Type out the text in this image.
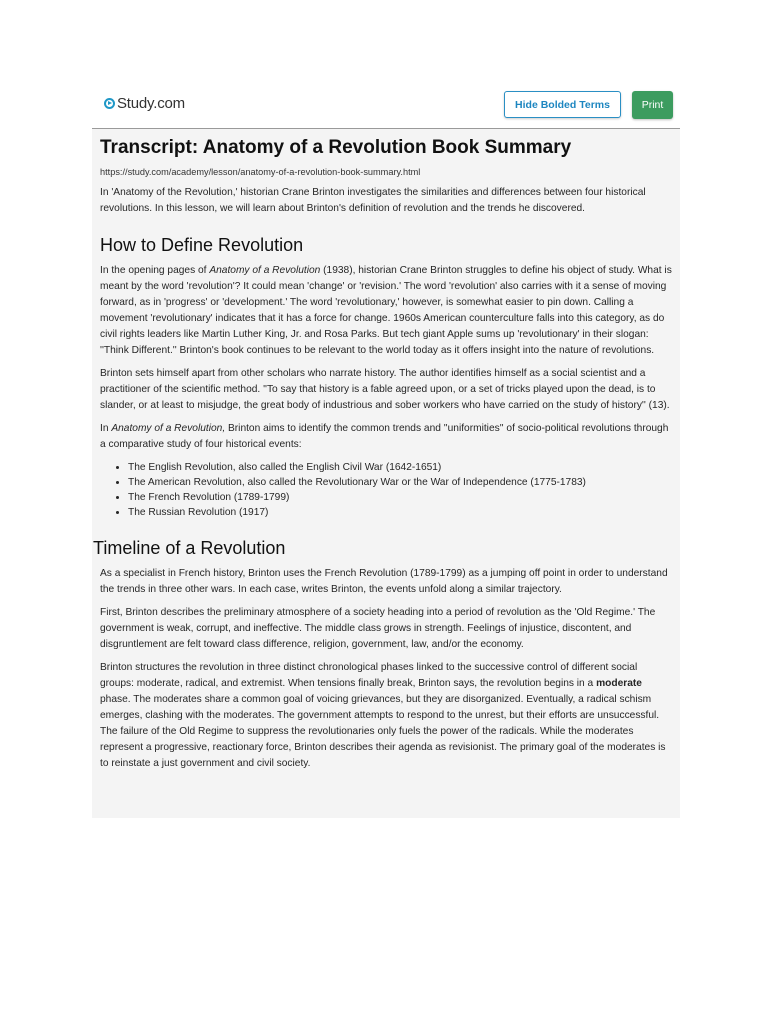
Study.com	Hide Bolded Terms	Print
Transcript: Anatomy of a Revolution Book Summary
https://study.com/academy/lesson/anatomy-of-a-revolution-book-summary.html

In 'Anatomy of the Revolution,' historian Crane Brinton investigates the similarities and differences between four historical revolutions. In this lesson, we will learn about Brinton's definition of revolution and the trends he discovered.

How to Define Revolution

In the opening pages of Anatomy of a Revolution (1938), historian Crane Brinton struggles to define his object of study. What is meant by the word 'revolution'? It could mean 'change' or 'revision.' The word 'revolution' also carries with it a sense of moving forward, as in 'progress' or 'development.' The word 'revolutionary,' however, is somewhat easier to pin down. Calling a movement 'revolutionary' indicates that it has a force for change. 1960s American counterculture falls into this category, as do civil rights leaders like Martin Luther King, Jr. and Rosa Parks. But tech giant Apple sums up 'revolutionary' in their slogan: ''Think Different.'' Brinton's book continues to be relevant to the world today as it offers insight into the nature of revolutions.

Brinton sets himself apart from other scholars who narrate history. The author identifies himself as a social scientist and a practitioner of the scientific method. ''To say that history is a fable agreed upon, or a set of tricks played upon the dead, is to slander, or at least to misjudge, the great body of industrious and sober workers who have carried on the study of history'' (13).

In Anatomy of a Revolution, Brinton aims to identify the common trends and ''uniformities'' of socio-political revolutions through a comparative study of four historical events:

• The English Revolution, also called the English Civil War (1642-1651)
• The American Revolution, also called the Revolutionary War or the War of Independence (1775-1783)
• The French Revolution (1789-1799)
• The Russian Revolution (1917)
Timeline of a Revolution

As a specialist in French history, Brinton uses the French Revolution (1789-1799) as a jumping off point in order to understand the trends in three other wars. In each case, writes Brinton, the events unfold along a similar trajectory.

First, Brinton describes the preliminary atmosphere of a society heading into a period of revolution as the 'Old Regime.' The government is weak, corrupt, and ineffective. The middle class grows in strength. Feelings of injustice, discontent, and disgruntlement are felt toward class difference, religion, government, law, and/or the economy.

Brinton structures the revolution in three distinct chronological phases linked to the successive control of different social groups: moderate, radical, and extremist. When tensions finally break, Brinton says, the revolution begins in a moderate phase. The moderates share a common goal of voicing grievances, but they are disorganized. Eventually, a radical schism emerges, clashing with the moderates. The government attempts to respond to the unrest, but their efforts are unsuccessful. The failure of the Old Regime to suppress the revolutionaries only fuels the power of the radicals. While the moderates represent a progressive, reactionary force, Brinton describes their agenda as revisionist. The primary goal of the moderates is to reinstate a just government and civil society.
